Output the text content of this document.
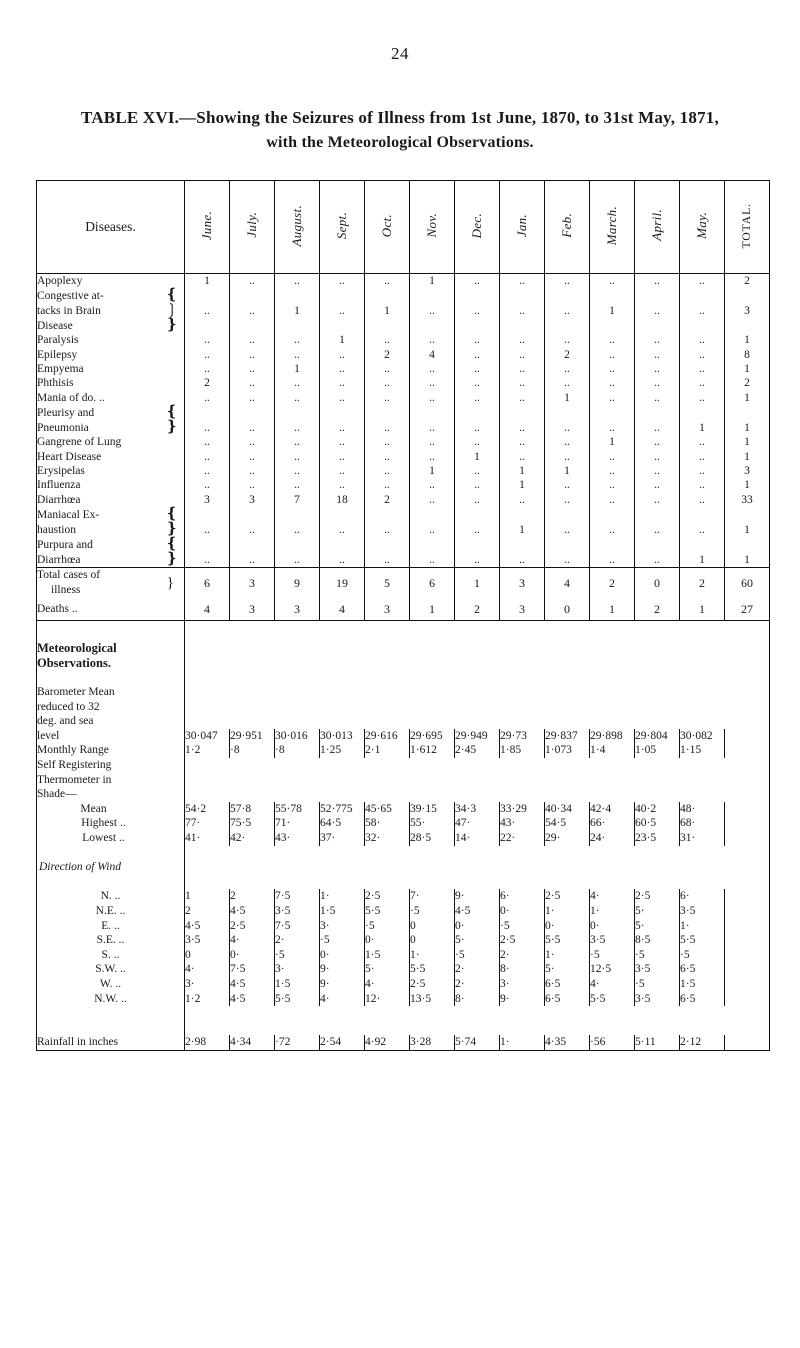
24
TABLE XVI.—Showing the Seizures of Illness from 1st June, 1870, to 31st May, 1871,
with the Meteorological Observations.
Diseases.	June.	July.	August.	Sept.	Oct.	Nov.	Dec.	Jan.	Feb.	March.	April.	May.	TOTAL.
Apoplexy	1	..	..	..	..	1	..	..	..	..	..	..	2

Congestive at- ❴													

tacks in Brain ❳	..	..	1	..	1	..	..	..	..	1	..	..	3

Disease ❵													

Paralysis	..	..	..	1	..	..	..	..	..	..	..	..	1
Epilepsy	..	..	..	..	2	4	..	..	2	..	..	..	8
Empyema	..	..	1	..	..	..	..	..	..	..	..	..	1
Phthisis	2	..	..	..	..	..	..	..	..	..	..	..	2
Mania of do. ..	..	..	..	..	..	..	..	..	1	..	..	..	1

Pleurisy and ❴													

Pneumonia ❵	..	..	..	..	..	..	..	..	..	..	..	1	1
Gangrene of Lung	..	..	..	..	..	..	..	..	..	1	..	..	1
Heart Disease	..	..	..	..	..	..	1	..	..	..	..	..	1
Erysipelas	..	..	..	..	..	1	..	1	1	..	..	..	3
Influenza	..	..	..	..	..	..	..	1	..	..	..	..	1
Diarrhœa	3	3	7	18	2	..	..	..	..	..	..	..	33

Maniacal Ex- ❴													

haustion ❵	..	..	..	..	..	..	..	1	..	..	..	..	1

Purpura and ❴													

Diarrhœa ❵	..	..	..	..	..	..	..	..	..	..	..	1	1

Total cases of
illness }	6	3	9	19	5	6	1	3	4	2	0	2	60

Deaths ..	4	3	3	4	3	1	2	3	0	1	2	1	27

Meteorological													
Observations.													

Barometer Mean													
reduced to 32													
deg. and sea													
level	30·047	29·951	30·016	30·013	29·616	29·695	29·949	29·73	29·837	29·898	29·804	30·082	
Monthly Range	1·2	·8	·8	1·25	2·1	1·612	2·45	1·85	1·073	1·4	1·05	1·15	
Self Registering													
Thermometer in													
Shade—													
Mean	54·2	57·8	55·78	52·775	45·65	39·15	34·3	33·29	40·34	42·4	40·2	48·	
Highest ..	77·	75·5	71·	64·5	58·	55·	47·	43·	54·5	66·	60·5	68·	
Lowest ..	41·	42·	43·	37·	32·	28·5	14·	22·	29·	24·	23·5	31·	

Direction of Wind													

N. ..	1	2	7·5	1·	2·5	7·	9·	6·	2·5	4·	2·5	6·	
N.E. ..	2	4·5	3·5	1·5	5·5	·5	4·5	0·	1·	1·	5·	3·5	
E. ..	4·5	2·5	7·5	3·	·5	0	0·	·5	0·	0·	5·	1·	
S.E. ..	3·5	4·	2·	·5	0·	0	5·	2·5	5·5	3·5	8·5	5·5	
S. ..	0	0·	·5	0·	1·5	1·	·5	2·	1·	·5	·5	·5	
S.W. ..	4·	7·5	3·	9·	5·	5·5	2·	8·	5·	12·5	3·5	6·5	
W. ..	3·	4·5	1·5	9·	4·	2·5	2·	3·	6·5	4·	·5	1·5	
N.W. ..	1·2	4·5	5·5	4·	12·	13·5	8·	9·	6·5	5·5	3·5	6·5	

Rainfall in inches	2·98	4·34	·72	2·54	4·92	3·28	5·74	1·	4·35	·56	5·11	2·12	
